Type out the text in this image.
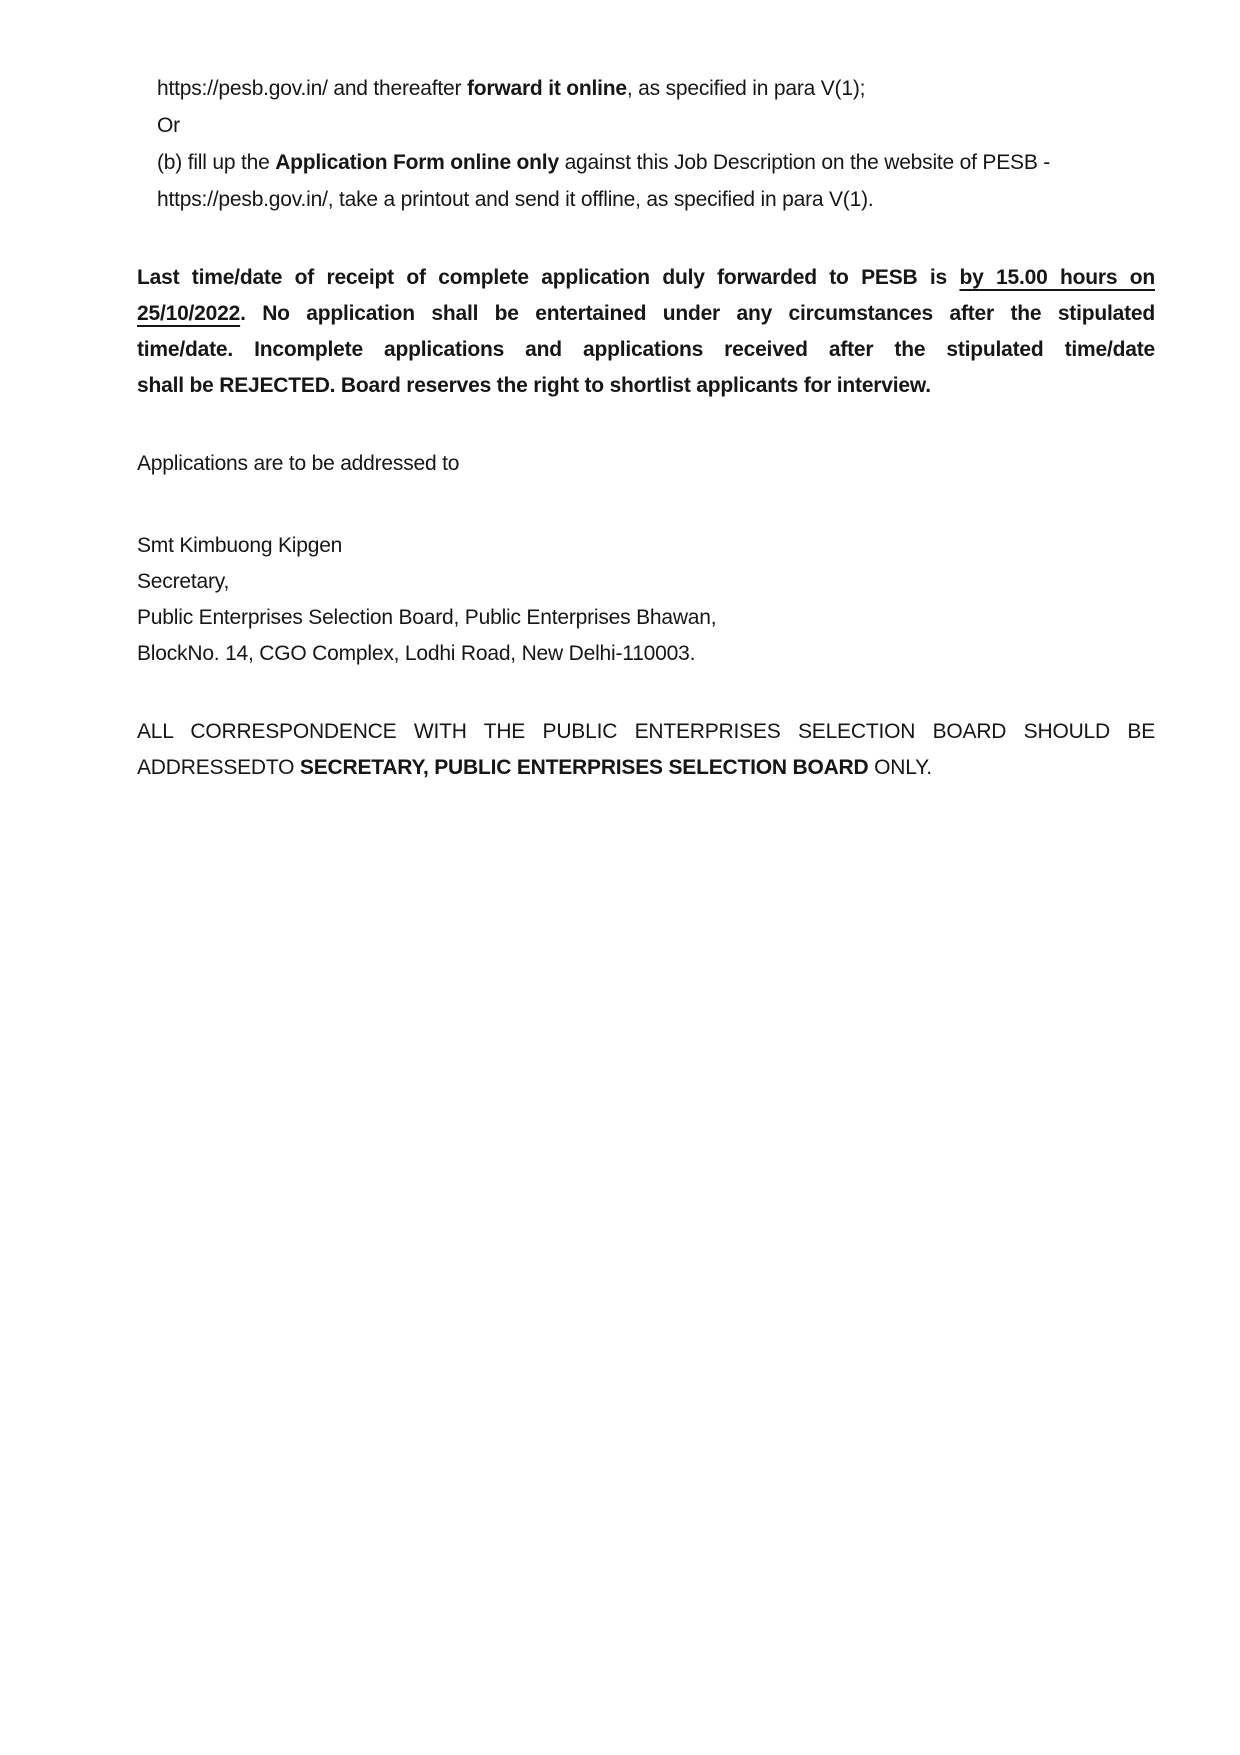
https://pesb.gov.in/ and thereafter forward it online, as specified in para V(1);
Or
(b) fill up the Application Form online only against this Job Description on the website of PESB -
https://pesb.gov.in/, take a printout and send it offline, as specified in para V(1).
Last time/date of receipt of complete application duly forwarded to PESB is by 15.00 hours on
25/10/2022. No application shall be entertained under any circumstances after the stipulated
time/date. Incomplete applications and applications received after the stipulated time/date
shall be REJECTED. Board reserves the right to shortlist applicants for interview.
Applications are to be addressed to
Smt Kimbuong Kipgen
Secretary,
Public Enterprises Selection Board, Public Enterprises Bhawan,
BlockNo. 14, CGO Complex, Lodhi Road, New Delhi-110003.
ALL CORRESPONDENCE WITH THE PUBLIC ENTERPRISES SELECTION BOARD SHOULD BE
ADDRESSEDTO SECRETARY, PUBLIC ENTERPRISES SELECTION BOARD ONLY.
